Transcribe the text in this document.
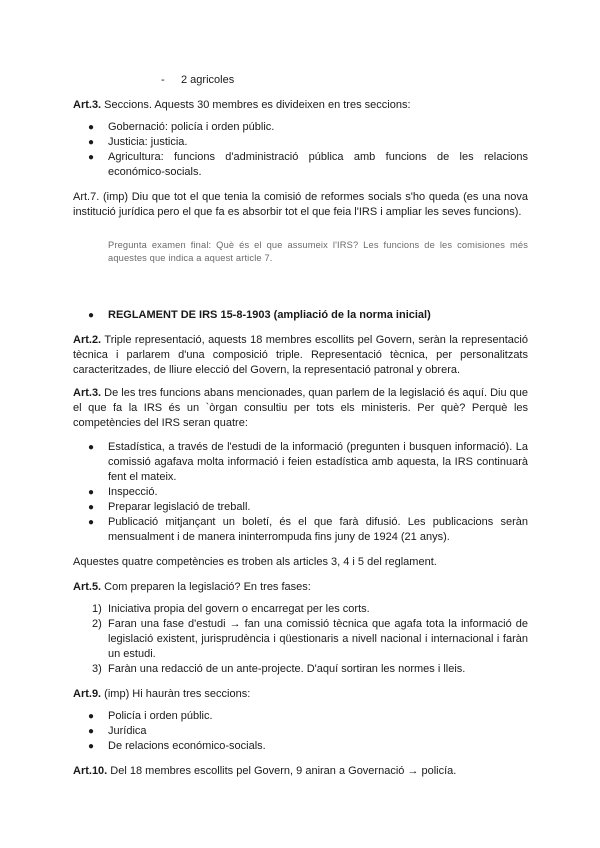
- 2 agricoles

Art.3. Seccions. Aquests 30 membres es divideixen en tres seccions:

● Gobernació: policía i orden públic.
● Justicia: justicia.
● Agricultura: funcions d'administració pública amb funcions de les relacions económico-socials.

Art.7. (imp) Diu que tot el que tenia la comisió de reformes socials s'ho queda (es una nova institució jurídica pero el que fa es absorbir tot el que feia l'IRS i ampliar les seves funcions).

Pregunta examen final: Què és el que assumeix l'IRS? Les funcions de les comisiones més aquestes que indica a aquest article 7.

● REGLAMENT DE IRS 15-8-1903 (ampliació de la norma inicial)

Art.2. Triple representació, aquests 18 membres escollits pel Govern, seràn la representació tècnica i parlarem d'una composició triple. Representació tècnica, per personalitzats caracteritzades, de lliure elecció del Govern, la representació patronal y obrera.

Art.3. De les tres funcions abans mencionades, quan parlem de la legislació és aquí. Diu que el que fa la IRS és un `òrgan consultiu per tots els ministeris. Per què? Perquè les competències del IRS seran quatre:

● Estadística, a través de l'estudi de la informació (pregunten i busquen informació). La comissió agafava molta informació i feien estadística amb aquesta, la IRS continuarà fent el mateix.
● Inspecció.
● Preparar legislació de treball.
● Publicació mitjançant un boletí, és el que farà difusió. Les publicacions seràn mensualment i de manera ininterrompuda fins juny de 1924 (21 anys).

Aquestes quatre competències es troben als articles 3, 4 i 5 del reglament.

Art.5. Com preparen la legislació? En tres fases:

1) Iniciativa propia del govern o encarregat per les corts.
2) Faran una fase d'estudi → fan una comissió tècnica que agafa tota la informació de legislació existent, jurisprudència i qüestionaris a nivell nacional i internacional i faràn un estudi.
3) Faràn una redacció de un ante-projecte. D'aquí sortiran les normes i lleis.

Art.9. (imp) Hi hauràn tres seccions:

● Policía i orden públic.
● Jurídica
● De relacions económico-socials.

Art.10. Del 18 membres escollits pel Govern, 9 aniran a Governació → policía.
